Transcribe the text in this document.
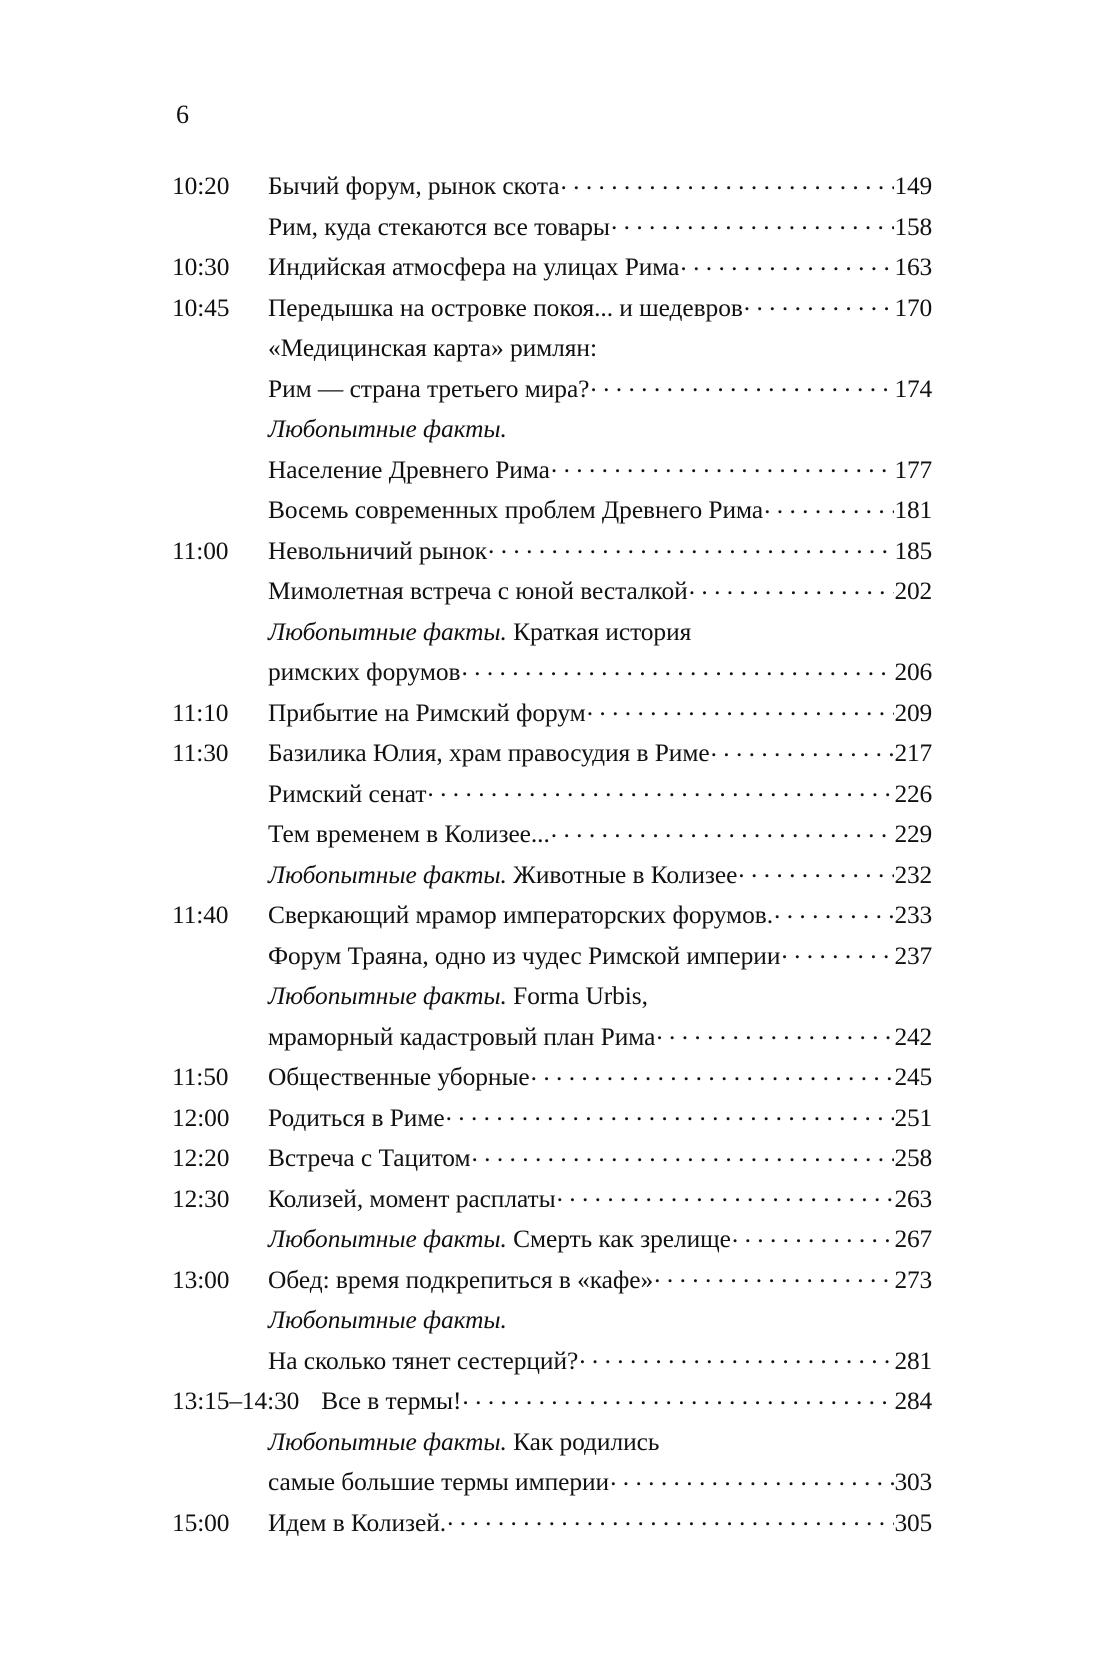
6
10:20	Бычий форум, рынок скота . . .	149
Рим, куда стекаются все товары . . .	158
10:30	Индийская атмосфера на улицах Рима . . .	163
10:45	Передышка на островке покоя... и шедевров . . .	170
«Медицинская карта» римлян:
Рим — страна третьего мира? . . .	174
Любопытные факты.
Население Древнего Рима . . .	177
Восемь современных проблем Древнего Рима . . .	181
11:00	Невольничий рынок . . .	185
Мимолетная встреча с юной весталкой . . .	202
Любопытные факты. Краткая история
римских форумов . . .	206
11:10	Прибытие на Римский форум . . .	209
11:30	Базилика Юлия, храм правосудия в Риме . . .	217
Римский сенат . . .	226
Тем временем в Колизее... . . .	229
Любопытные факты. Животные в Колизее . . .	232
11:40	Сверкающий мрамор императорских форумов. . . .	233
Форум Траяна, одно из чудес Римской империи . . .	237
Любопытные факты. Forma Urbis,
мраморный кадастровый план Рима . . .	242
11:50	Общественные уборные . . .	245
12:00	Родиться в Риме . . .	251
12:20	Встреча с Тацитом . . .	258
12:30	Колизей, момент расплаты . . .	263
Любопытные факты. Смерть как зрелище . . .	267
13:00	Обед: время подкрепиться в «кафе» . . .	273
Любопытные факты.
На сколько тянет сестерций? . . .	281
13:15–14:30 Все в термы! . . .	284
Любопытные факты. Как родились
самые большие термы империи . . .	303
15:00	Идем в Колизей. . . .	305
